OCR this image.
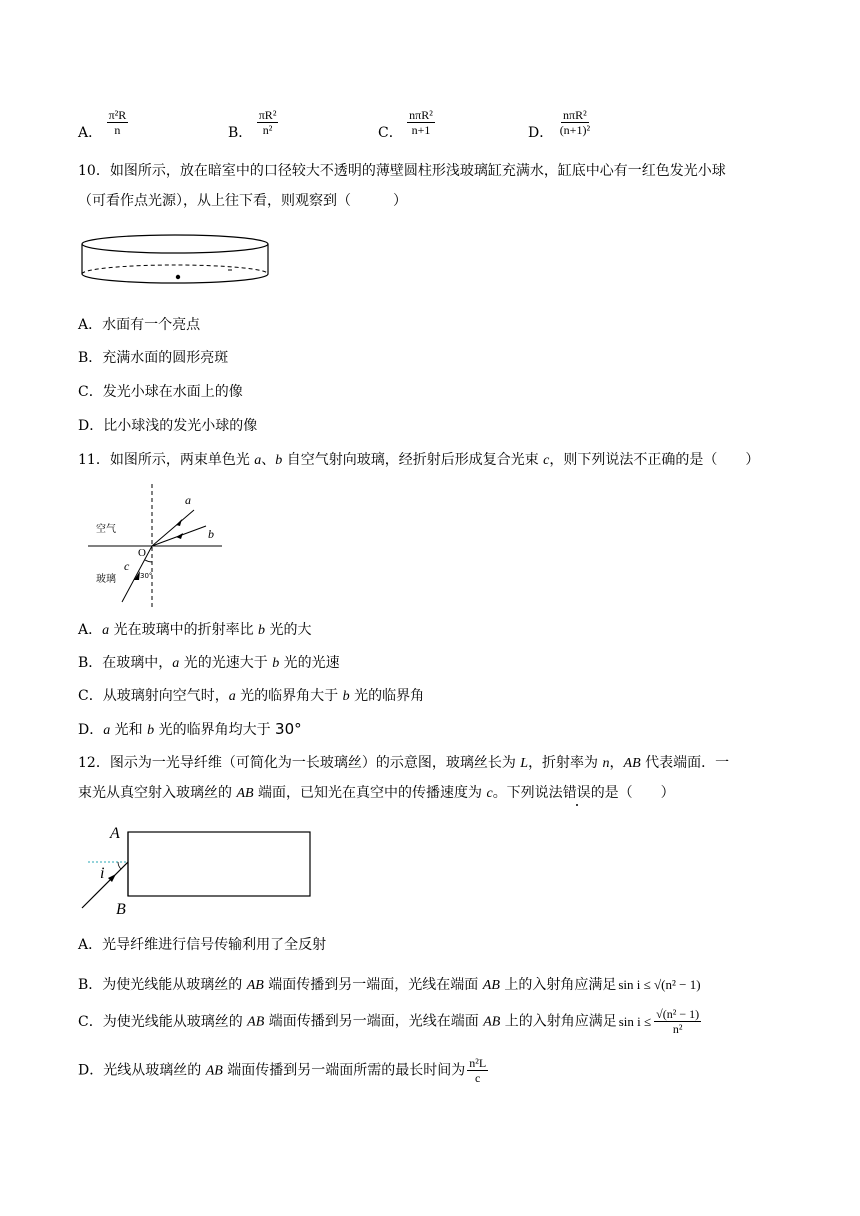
A． $\frac{\text{π²R}}{n}$	B． $\frac{\text{πR²}}{\text{n²}}$	C． $\frac{\text{nπR²}}{n+1}$	D． $\frac{\text{nπR²}}{\text{(n+1)²}}$
10．如图所示，放在暗室中的口径较大不透明的薄壁圆柱形浅玻璃缸充满水，缸底中心有一红色发光小球
（可看作点光源），从上往下看，则观察到（　　　）
A．水面有一个亮点
B．充满水面的圆形亮斑
C．发光小球在水面上的像
D．比小球浅的发光小球的像
11．如图所示，两束单色光 a、b 自空气射向玻璃，经折射后形成复合光束 c，则下列说法不正确的是（　　）
空气
玻璃
a
b
c
O
30°
A．a 光在玻璃中的折射率比 b 光的大
B．在玻璃中，a 光的光速大于 b 光的光速
C．从玻璃射向空气时，a 光的临界角大于 b 光的临界角
D．a 光和 b 光的临界角均大于 30°
12．图示为一光导纤维（可简化为一长玻璃丝）的示意图，玻璃丝长为 L，折射率为 n，AB 代表端面．一
束光从真空射入玻璃丝的 AB 端面，已知光在真空中的传播速度为 c。下列说法错误的是（　　）
A
B
i
A．光导纤维进行信号传输利用了全反射
B．为使光线能从玻璃丝的 AB 端面传播到另一端面，光线在端面 AB 上的入射角应满足 sin i ≤ √(n² − 1)
C．为使光线能从玻璃丝的 AB 端面传播到另一端面，光线在端面 AB 上的入射角应满足 $\sin i \le \frac{\text{√(n² − 1)}}{\text{n²}}$
D．光线从玻璃丝的 AB 端面传播到另一端面所需的最长时间为 $\frac{\text{n²L}}{c}$
